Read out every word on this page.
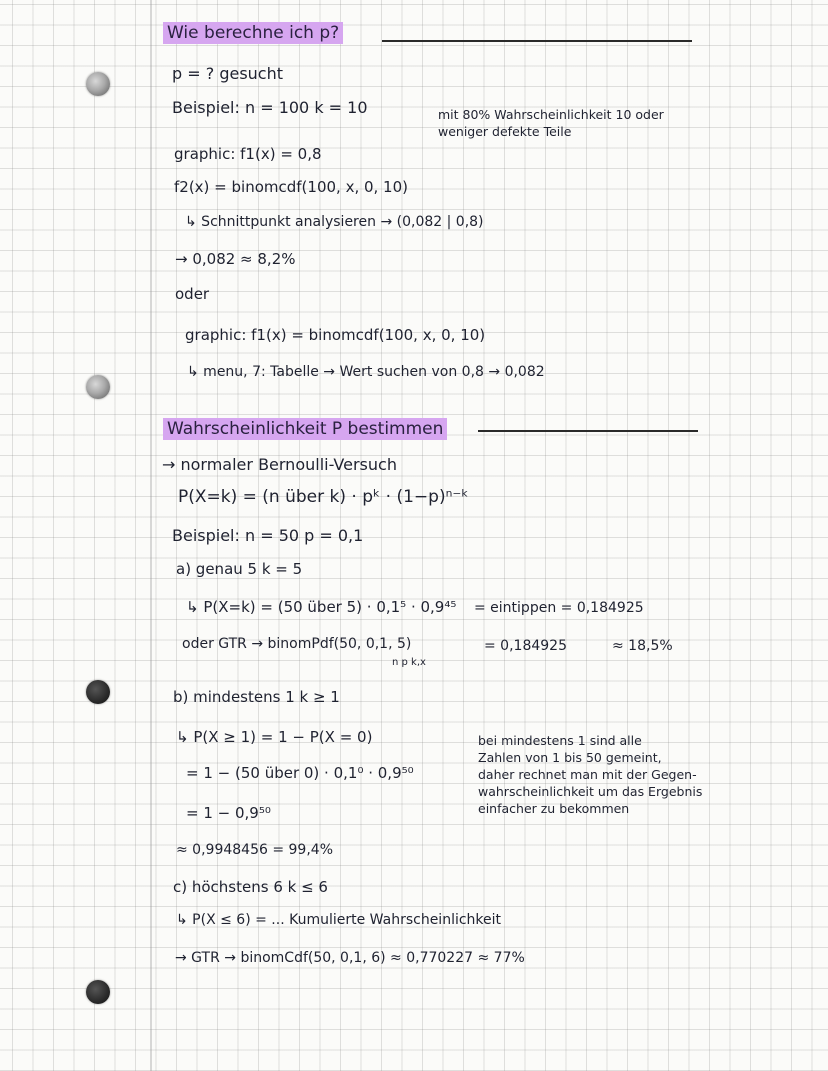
Wie berechne ich p?
p = ? gesucht
Beispiel: n = 100 k = 10	mit 80% Wahrscheinlichkeit 10 oder
weniger defekte Teile
graphic: f1(x) = 0,8
f2(x) = binomcdf(100, x, 0, 10)
↳ Schnittpunkt analysieren → (0,082 | 0,8)
→ 0,082 ≈ 8,2%
oder
graphic: f1(x) = binomcdf(100, x, 0, 10)
↳ menu, 7: Tabelle → Wert suchen von 0,8 → 0,082
Wahrscheinlichkeit P bestimmen
→ normaler Bernoulli-Versuch
P(X=k) = (n über k) · pᵏ · (1−p)ⁿ⁻ᵏ
Beispiel: n = 50 p = 0,1
a) genau 5 k = 5
↳ P(X=k) = (50 über 5) · 0,1⁵ · 0,9⁴⁵ = eintippen = 0,184925
oder GTR → binomPdf(50, 0,1, 5)
n p k,x
= 0,184925	≈ 18,5%
b) mindestens 1 k ≥ 1
↳ P(X ≥ 1) = 1 − P(X = 0)
= 1 − (50 über 0) · 0,1⁰ · 0,9⁵⁰
= 1 − 0,9⁵⁰
≈ 0,9948456 = 99,4%
bei mindestens 1 sind alle
Zahlen von 1 bis 50 gemeint,
daher rechnet man mit der Gegen-
wahrscheinlichkeit um das Ergebnis
einfacher zu bekommen
c) höchstens 6 k ≤ 6
↳ P(X ≤ 6) = ... Kumulierte Wahrscheinlichkeit
→ GTR → binomCdf(50, 0,1, 6) ≈ 0,770227 ≈ 77%
